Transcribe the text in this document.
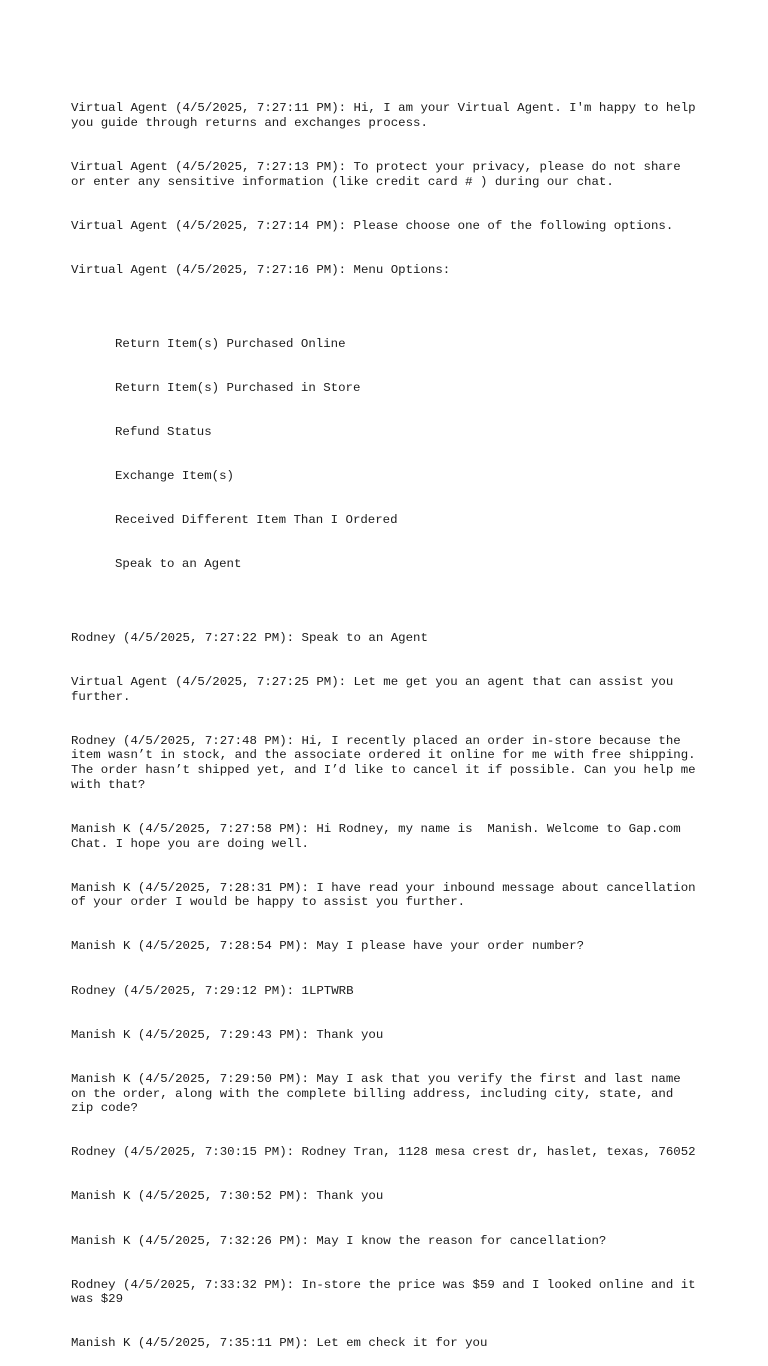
Virtual Agent (4/5/2025, 7:27:11 PM): Hi, I am your Virtual Agent. I'm happy to help you guide through returns and exchanges process.

Virtual Agent (4/5/2025, 7:27:13 PM): To protect your privacy, please do not share or enter any sensitive information (like credit card # ) during our chat.

Virtual Agent (4/5/2025, 7:27:14 PM): Please choose one of the following options.

Virtual Agent (4/5/2025, 7:27:16 PM): Menu Options:

Return Item(s) Purchased Online

Return Item(s) Purchased in Store

Refund Status

Exchange Item(s)

Received Different Item Than I Ordered

Speak to an Agent

Rodney (4/5/2025, 7:27:22 PM): Speak to an Agent

Virtual Agent (4/5/2025, 7:27:25 PM): Let me get you an agent that can assist you further.

Rodney (4/5/2025, 7:27:48 PM): Hi, I recently placed an order in-store because the item wasn’t in stock, and the associate ordered it online for me with free shipping. The order hasn’t shipped yet, and I’d like to cancel it if possible. Can you help me with that?

Manish K (4/5/2025, 7:27:58 PM): Hi Rodney, my name is  Manish. Welcome to Gap.com Chat. I hope you are doing well.

Manish K (4/5/2025, 7:28:31 PM): I have read your inbound message about cancellation of your order I would be happy to assist you further.

Manish K (4/5/2025, 7:28:54 PM): May I please have your order number?

Rodney (4/5/2025, 7:29:12 PM): 1LPTWRB

Manish K (4/5/2025, 7:29:43 PM): Thank you

Manish K (4/5/2025, 7:29:50 PM): May I ask that you verify the first and last name on the order, along with the complete billing address, including city, state, and zip code?

Rodney (4/5/2025, 7:30:15 PM): Rodney Tran, 1128 mesa crest dr, haslet, texas, 76052

Manish K (4/5/2025, 7:30:52 PM): Thank you

Manish K (4/5/2025, 7:32:26 PM): May I know the reason for cancellation?

Rodney (4/5/2025, 7:33:32 PM): In-store the price was $59 and I looked online and it was $29

Manish K (4/5/2025, 7:35:11 PM): Let em check it for you
